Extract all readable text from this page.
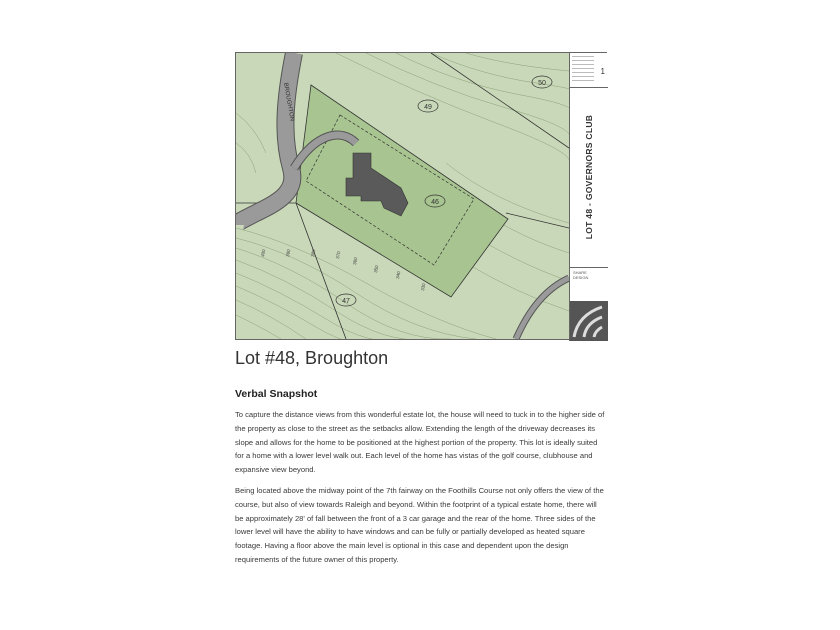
49
50
46
47
BROUGHTON
400	390	380	370
360
350
340
330
1
LOT 48 - GOVERNORS CLUB
SHARE DESIGN
Lot #48, Broughton
Verbal Snapshot

To capture the distance views from this wonderful estate lot, the house will need to tuck in to the higher side of the property as close to the street as the setbacks allow. Extending the length of the driveway decreases its slope and allows for the home to be positioned at the highest portion of the property. This lot is ideally suited for a home with a lower level walk out. Each level of the home has vistas of the golf course, clubhouse and expansive view beyond.

Being located above the midway point of the 7th fairway on the Foothills Course not only offers the view of the course, but also of view towards Raleigh and beyond. Within the footprint of a typical estate home, there will be approximately 28' of fall between the front of a 3 car garage and the rear of the home. Three sides of the lower level will have the ability to have windows and can be fully or partially developed as heated square footage. Having a floor above the main level is optional in this case and dependent upon the design requirements of the future owner of this property.
